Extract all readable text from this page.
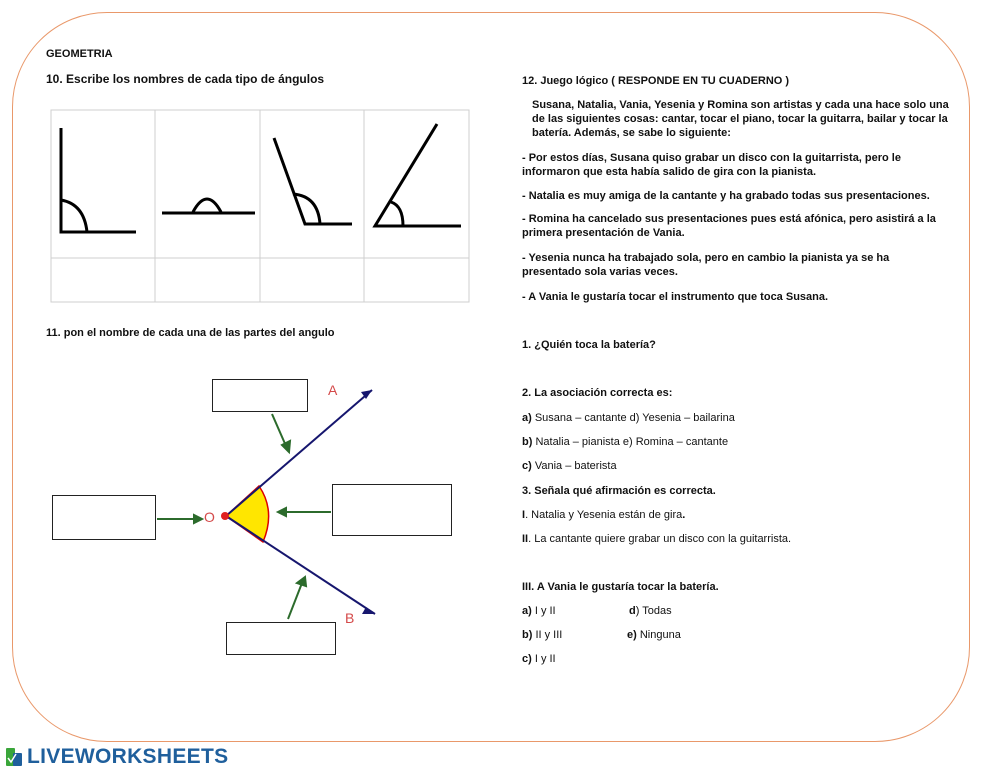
GEOMETRIA
10. Escribe los nombres de cada tipo de ángulos
A
B
O
11. pon el nombre de cada una de las partes del angulo
12. Juego lógico ( RESPONDE EN TU CUADERNO )
Susana, Natalia, Vania, Yesenia y Romina son artistas y cada una hace solo una de las siguientes cosas: cantar, tocar el piano, tocar la guitarra, bailar y tocar la batería. Además, se sabe lo siguiente:
- Por estos días, Susana quiso grabar un disco con la guitarrista, pero le informaron que esta había salido de gira con la pianista.
- Natalia es muy amiga de la cantante y ha grabado todas sus presentaciones.
- Romina ha cancelado sus presentaciones pues está afónica, pero asistirá a la primera presentación de Vania.
- Yesenia nunca ha trabajado sola, pero en cambio la pianista ya se ha presentado sola varias veces.
- A Vania le gustaría tocar el instrumento que toca Susana.
1. ¿Quién toca la batería?
2. La asociación correcta es:
a) Susana – cantante d) Yesenia – bailarina
b) Natalia – pianista e) Romina – cantante
c) Vania – baterista
3. Señala qué afirmación es correcta.
I. Natalia y Yesenia están de gira.
II. La cantante quiere grabar un disco con la guitarrista.
III. A Vania le gustaría tocar la batería.
a) I y II	d) Todas
b) II y III	e) Ninguna
c) I y II
LIVEWORKSHEETS
